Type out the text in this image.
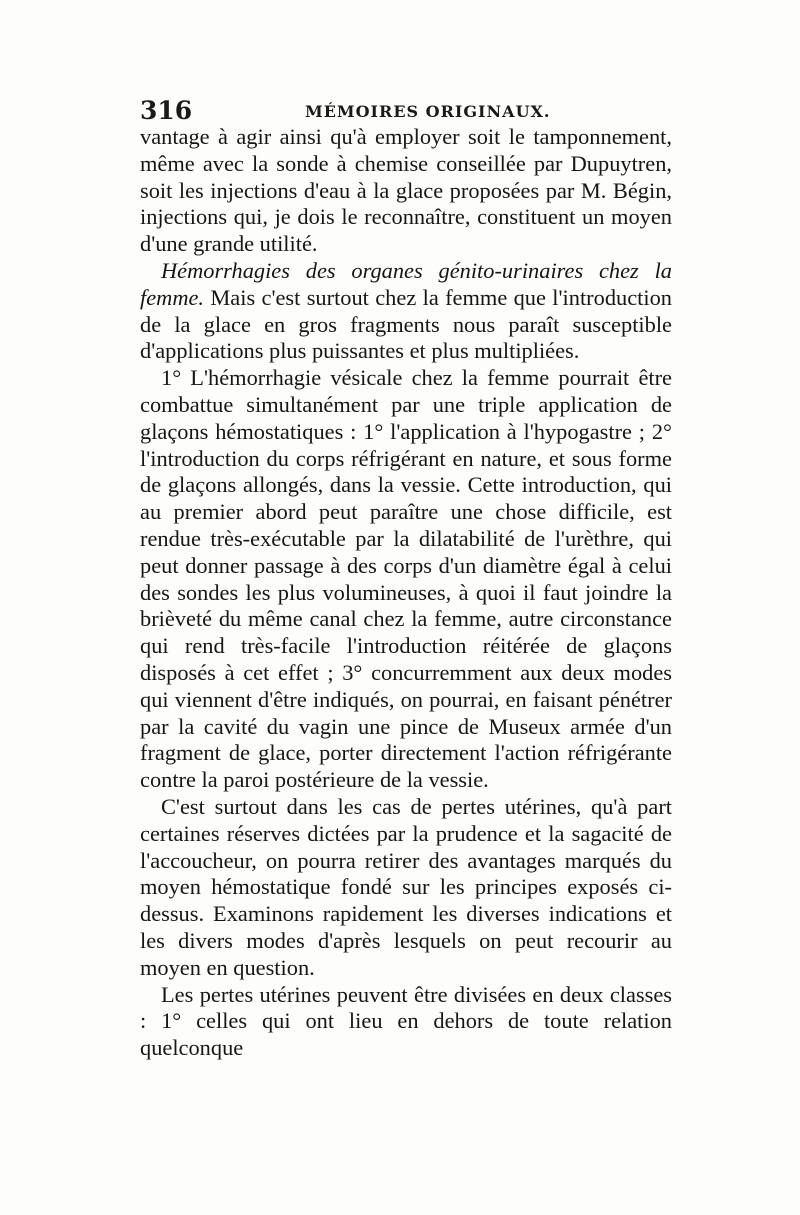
316	MÉMOIRES ORIGINAUX.

vantage à agir ainsi qu'à employer soit le tamponnement, même avec la sonde à chemise conseillée par Dupuytren, soit les injections d'eau à la glace proposées par M. Bégin, injections qui, je dois le reconnaître, constituent un moyen d'une grande utilité.

Hémorrhagies des organes génito-urinaires chez la femme. Mais c'est surtout chez la femme que l'introduction de la glace en gros fragments nous paraît susceptible d'applications plus puissantes et plus multipliées.

1° L'hémorrhagie vésicale chez la femme pourrait être combattue simultanément par une triple application de glaçons hémostatiques : 1° l'application à l'hypogastre ; 2° l'introduction du corps réfrigérant en nature, et sous forme de glaçons allongés, dans la vessie. Cette introduction, qui au premier abord peut paraître une chose difficile, est rendue très-exécutable par la dilatabilité de l'urèthre, qui peut donner passage à des corps d'un diamètre égal à celui des sondes les plus volumineuses, à quoi il faut joindre la brièveté du même canal chez la femme, autre circonstance qui rend très-facile l'introduction réitérée de glaçons disposés à cet effet ; 3° concurremment aux deux modes qui viennent d'être indiqués, on pourrai, en faisant pénétrer par la cavité du vagin une pince de Museux armée d'un fragment de glace, porter directement l'action réfrigérante contre la paroi postérieure de la vessie.

C'est surtout dans les cas de pertes utérines, qu'à part certaines réserves dictées par la prudence et la sagacité de l'accoucheur, on pourra retirer des avantages marqués du moyen hémostatique fondé sur les principes exposés ci-dessus. Examinons rapidement les diverses indications et les divers modes d'après lesquels on peut recourir au moyen en question.

Les pertes utérines peuvent être divisées en deux classes : 1° celles qui ont lieu en dehors de toute relation quelconque
